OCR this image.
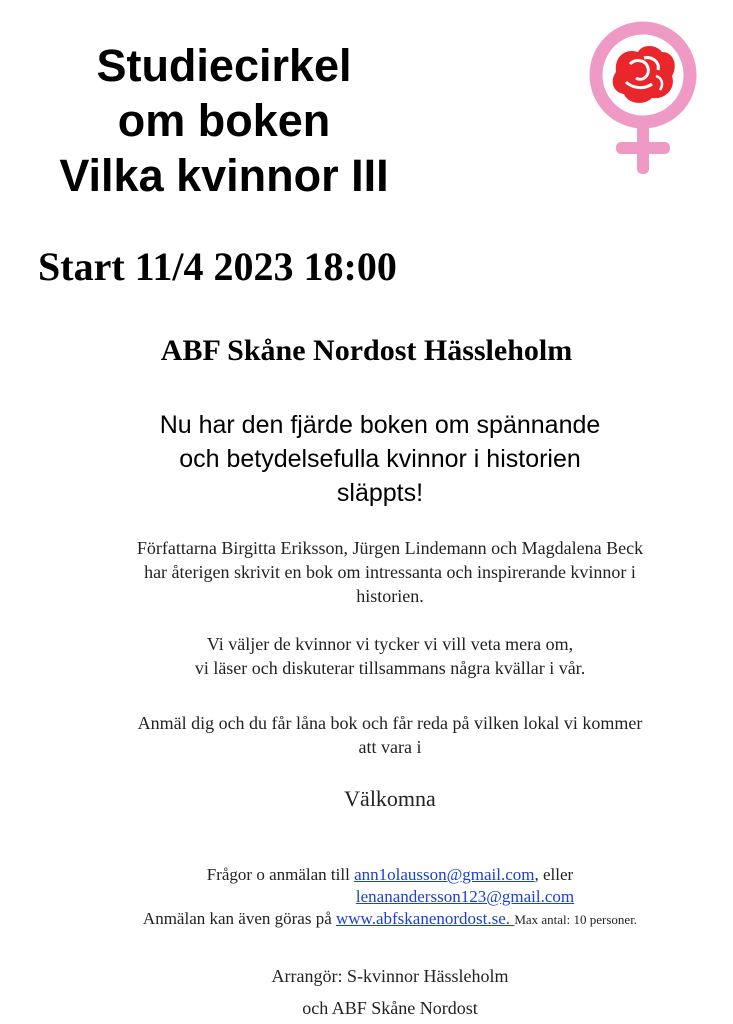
Studiecirkel
om boken
Vilka kvinnor III
Start 11/4 2023 18:00
ABF Skåne Nordost Hässleholm
Nu har den fjärde boken om spännande
och betydelsefulla kvinnor i historien
släppts!
Författarna Birgitta Eriksson, Jürgen Lindemann och Magdalena Beck
har återigen skrivit en bok om intressanta och inspirerande kvinnor i
historien.
Vi väljer de kvinnor vi tycker vi vill veta mera om,
vi läser och diskuterar tillsammans några kvällar i vår.
Anmäl dig och du får låna bok och får reda på vilken lokal vi kommer
att vara i
Välkomna
Frågor o anmälan till ann1olausson@gmail.com, eller
lenanandersson123@gmail.com
Anmälan kan även göras på www.abfskanenordost.se. Max antal: 10 personer.
Arrangör: S-kvinnor Hässleholm
och ABF Skåne Nordost
